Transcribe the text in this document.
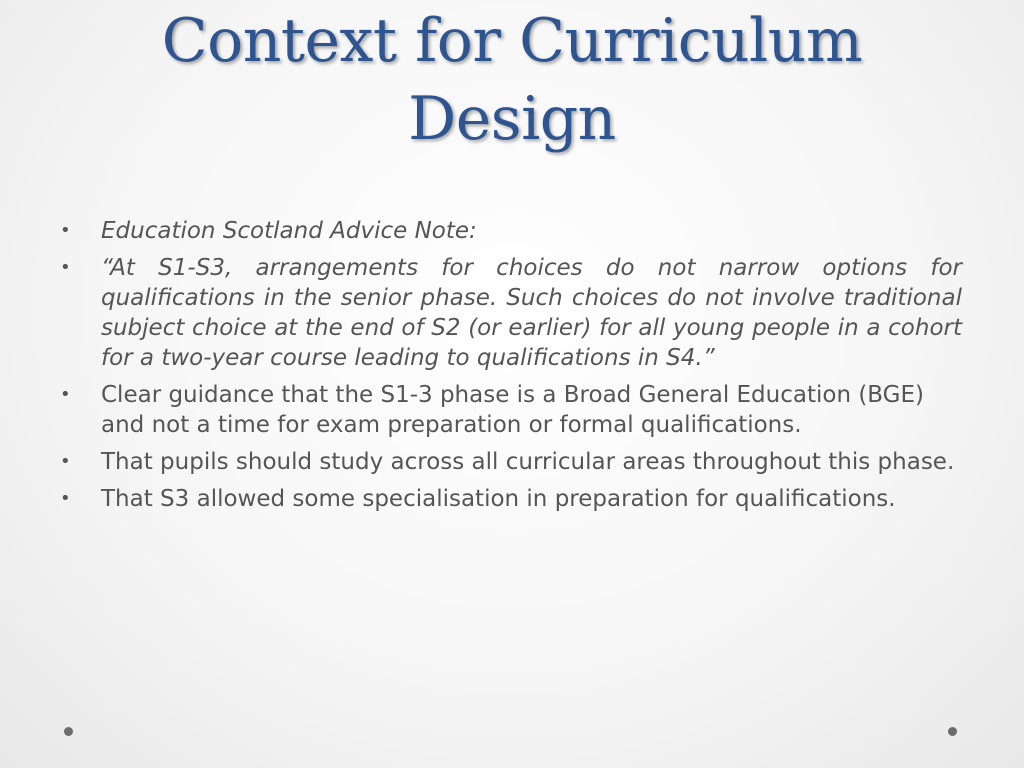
Context for Curriculum
Design
• Education Scotland Advice Note:
• “At S1-S3, arrangements for choices do not narrow options for qualifications in the senior phase. Such choices do not involve traditional subject choice at the end of S2 (or earlier) for all young people in a cohort for a two-year course leading to qualifications in S4.”
• Clear guidance that the S1-3 phase is a Broad General Education (BGE) and not a time for exam preparation or formal qualifications.
• That pupils should study across all curricular areas throughout this phase.
• That S3 allowed some specialisation in preparation for qualifications.
